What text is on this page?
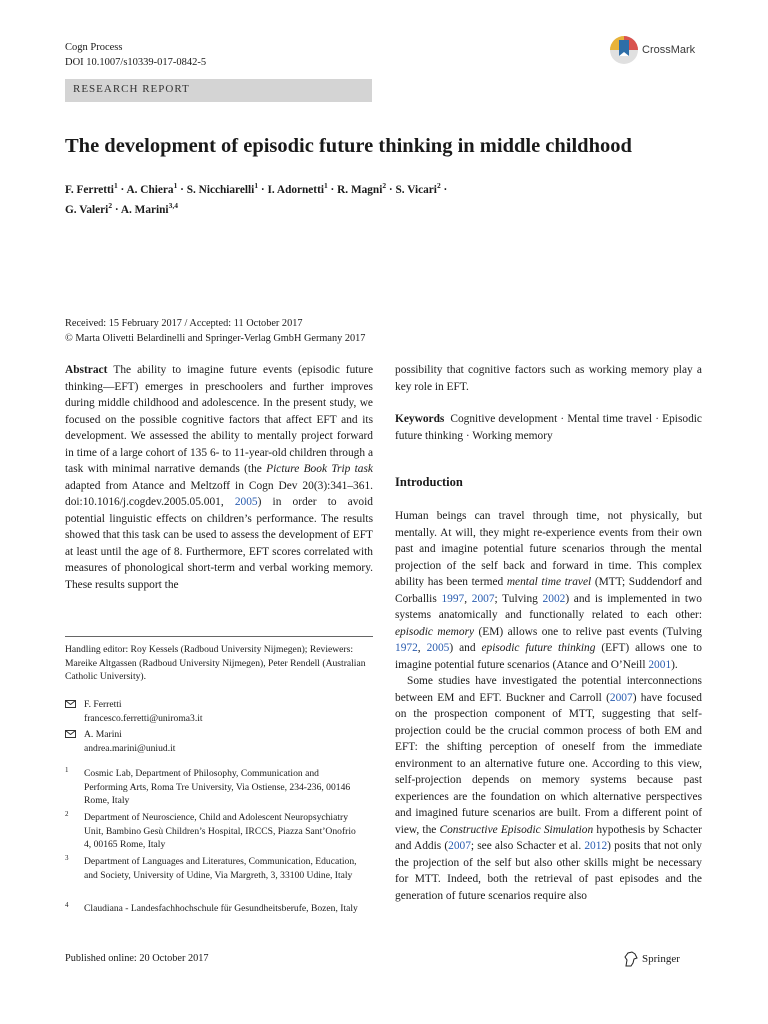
Cogn Process
DOI 10.1007/s10339-017-0842-5
CrossMark
RESEARCH REPORT
The development of episodic future thinking in middle childhood
F. Ferretti$^1$ · A. Chiera$^1$ · S. Nicchiarelli$^1$ · I. Adornetti$^1$ · R. Magni$^2$ · S. Vicari$^2$ ·
G. Valeri$^2$ · A. Marini$^{3,4}$
Received: 15 February 2017 / Accepted: 11 October 2017
© Marta Olivetti Belardinelli and Springer-Verlag GmbH Germany 2017

Abstract The ability to imagine future events (episodic future thinking—EFT) emerges in preschoolers and further improves during middle childhood and adolescence. In the present study, we focused on the possible cognitive factors that affect EFT and its development. We assessed the ability to mentally project forward in time of a large cohort of 135 6- to 11-year-old children through a task with minimal narrative demands (the Picture Book Trip task adapted from Atance and Meltzoff in Cogn Dev 20(3):341–361. doi:10.1016/j.cogdev.2005.05.001, 2005) in order to avoid potential linguistic effects on children’s performance. The results showed that this task can be used to assess the development of EFT at least until the age of 8. Furthermore, EFT scores correlated with measures of phonological short-term and verbal working memory. These results support the

Handling editor: Roy Kessels (Radboud University Nijmegen); Reviewers: Mareike Altgassen (Radboud University Nijmegen), Peter Rendell (Australian Catholic University).
F. Ferretti
francesco.ferretti@uniroma3.it
A. Marini
andrea.marini@uniud.it
1 Cosmic Lab, Department of Philosophy, Communication and Performing Arts, Roma Tre University, Via Ostiense, 234-236, 00146 Rome, Italy
2 Department of Neuroscience, Child and Adolescent Neuropsychiatry Unit, Bambino Gesù Children’s Hospital, IRCCS, Piazza Sant’Onofrio 4, 00165 Rome, Italy
3 Department of Languages and Literatures, Communication, Education, and Society, University of Udine, Via Margreth, 3, 33100 Udine, Italy
4 Claudiana - Landesfachhochschule für Gesundheitsberufe, Bozen, Italy
possibility that cognitive factors such as working memory play a key role in EFT.
Keywords Cognitive development · Mental time travel · Episodic future thinking · Working memory
Introduction

Human beings can travel through time, not physically, but mentally. At will, they might re-experience events from their own past and imagine potential future scenarios through the mental projection of the self back and forward in time. This complex ability has been termed mental time travel (MTT; Suddendorf and Corballis 1997, 2007; Tulving 2002) and is implemented in two systems anatomically and functionally related to each other: episodic memory (EM) allows one to relive past events (Tulving 1972, 2005) and episodic future thinking (EFT) allows one to imagine potential future scenarios (Atance and O’Neill 2001).

Some studies have investigated the potential interconnections between EM and EFT. Buckner and Carroll (2007) have focused on the prospection component of MTT, suggesting that self-projection could be the crucial common process of both EM and EFT: the shifting perception of oneself from the immediate environment to an alternative future one. According to this view, self-projection depends on memory systems because past experiences are the foundation on which alternative perspectives and imagined future scenarios are built. From a different point of view, the Constructive Episodic Simulation hypothesis by Schacter and Addis (2007; see also Schacter et al. 2012) posits that not only the projection of the self but also other skills might be necessary for MTT. Indeed, both the retrieval of past episodes and the generation of future scenarios require also

Published online: 20 October 2017	Springer
